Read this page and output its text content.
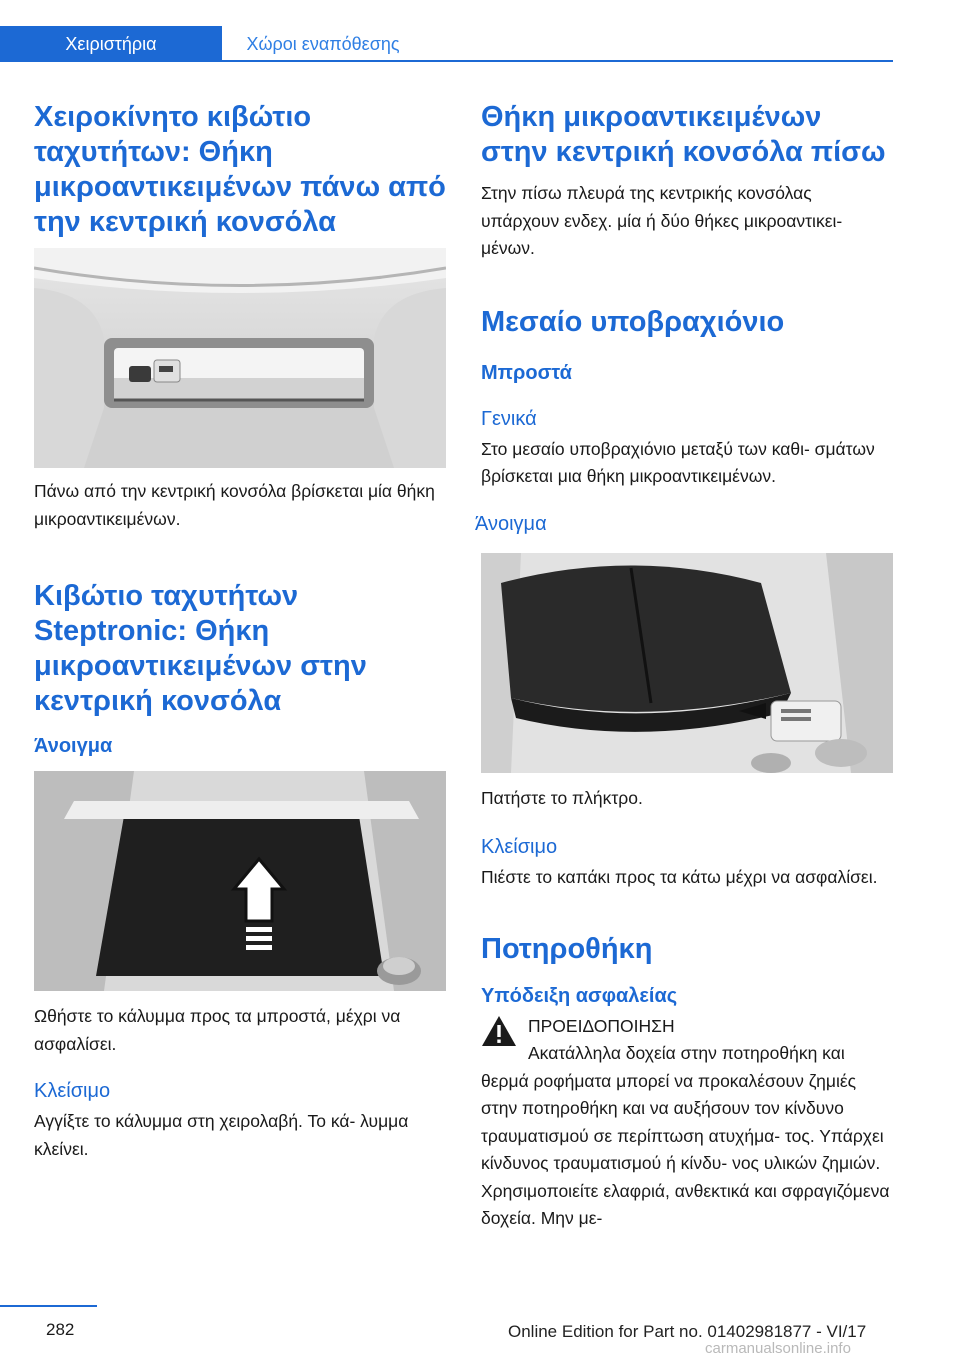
Χειριστήρια	Χώροι εναπόθεσης
Χειροκίνητο κιβώτιο ταχυτήτων: Θήκη μικροαντικειμένων πάνω από την κεντρική κονσόλα

Πάνω από την κεντρική κονσόλα βρίσκεται μία θήκη μικροαντικειμένων.

Κιβώτιο ταχυτήτων Steptronic: Θήκη μικροαντικειμένων στην κεντρική κονσόλα
Άνοιγμα

Ωθήστε το κάλυμμα προς τα μπροστά, μέχρι να ασφαλίσει.

Κλείσιμο

Αγγίξτε το κάλυμμα στη χειρολαβή. Το κά‐ λυμμα κλείνει.

Θήκη μικροαντικειμένων στην κεντρική κονσόλα πίσω

Στην πίσω πλευρά της κεντρικής κονσόλας υπάρχουν ενδεχ. μία ή δύο θήκες μικροαντικει‐ μένων.

Μεσαίο υποβραχιόνιο
Μπροστά
Γενικά

Στο μεσαίο υποβραχιόνιο μεταξύ των καθι‐ σμάτων βρίσκεται μια θήκη μικροαντικειμένων.

Άνοιγμα

Πατήστε το πλήκτρο.

Κλείσιμο

Πιέστε το καπάκι προς τα κάτω μέχρι να ασφαλίσει.

Ποτηροθήκη
Υπόδειξη ασφαλείας

ΠΡΟΕΙΔΟΠΟΙΗΣΗ

Ακατάλληλα δοχεία στην ποτηροθήκη και θερμά ροφήματα μπορεί να προκαλέσουν ζημιές στην ποτηροθήκη και να αυξήσουν τον κίνδυνο τραυματισμού σε περίπτωση ατυχήμα‐ τος. Υπάρχει κίνδυνος τραυματισμού ή κίνδυ‐ νος υλικών ζημιών. Χρησιμοποιείτε ελαφριά, ανθεκτικά και σφραγιζόμενα δοχεία. Μην με‐

282	Online Edition for Part no. 01402981877 - VI/17
carmanualsonline.info
